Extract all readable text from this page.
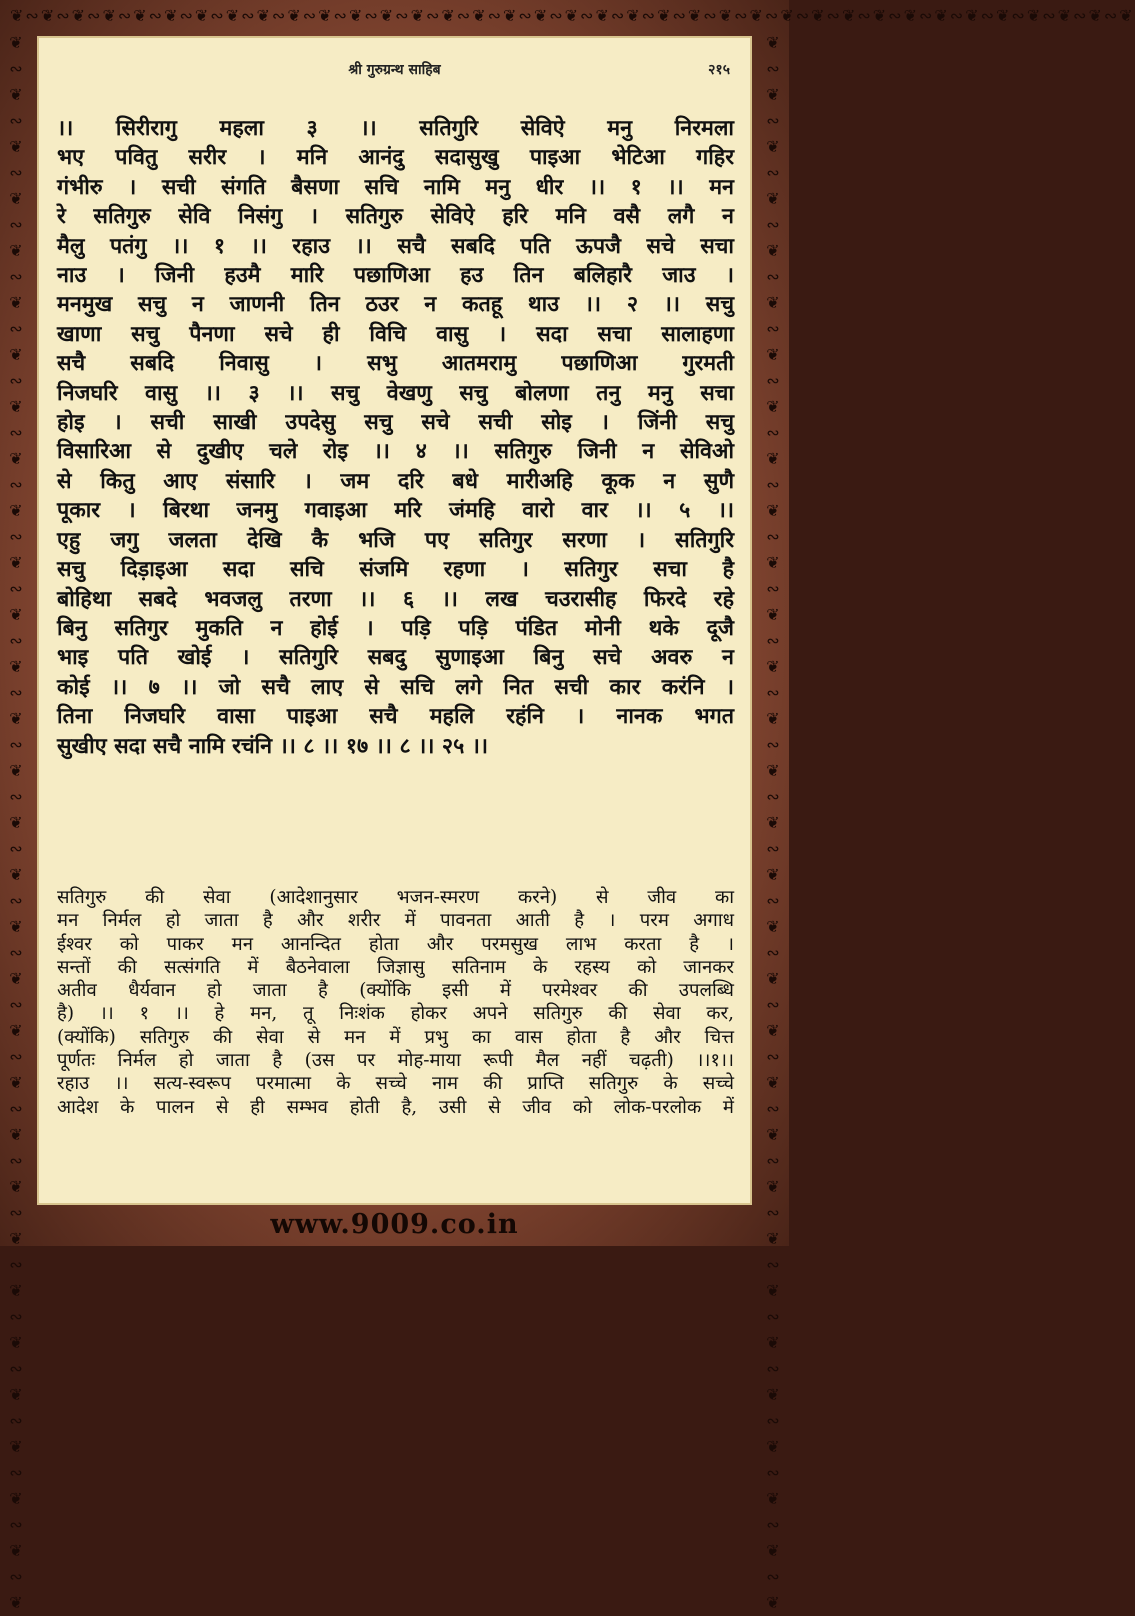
❦∾❦∾❦∾❦∾❦∾❦∾❦∾❦∾❦∾❦∾❦∾❦∾❦∾❦∾❦∾❦∾❦∾❦∾❦∾❦∾❦∾❦∾❦∾❦∾❦∾❦∾❦∾❦∾❦∾❦∾❦∾❦∾❦∾❦∾❦∾❦∾❦
❦
∾
❦
∾
❦
∾
❦
∾
❦
∾
❦
∾
❦
∾
❦
∾
❦
∾
❦
∾
❦
∾
❦
∾
❦
∾
❦
∾
❦
∾
❦
∾
❦
∾
❦
∾
❦
∾
❦
∾
❦
∾
❦
∾
❦
∾
❦
∾
❦
∾
❦
∾
❦
∾
❦
∾
❦
∾
❦
∾
❦
❦
∾
❦
∾
❦
∾
❦
∾
❦
∾
❦
∾
❦
∾
❦
∾
❦
∾
❦
∾
❦
∾
❦
∾
❦
∾
❦
∾
❦
∾
❦
∾
❦
∾
❦
∾
❦
∾
❦
∾
❦
∾
❦
∾
❦
∾
❦
∾
❦
∾
❦
∾
❦
∾
❦
∾
❦
∾
❦
∾
❦
श्री गुरुग्रन्थ साहिब	२१५
।। सिरीरागु महला ३ ।। सतिगुरि सेविऐ मनु निरमला
भए पवितु सरीर । मनि आनंदु सदासुखु पाइआ भेटिआ गहिर
गंभीरु । सची संगति बैसणा सचि नामि मनु धीर ।। १ ।। मन
रे सतिगुरु सेवि निसंगु । सतिगुरु सेविऐ हरि मनि वसै लगै न
मैलु पतंगु ।। १ ।। रहाउ ।। सचै सबदि पति ऊपजै सचे सचा
नाउ । जिनी हउमै मारि पछाणिआ हउ तिन बलिहारै जाउ ।
मनमुख सचु न जाणनी तिन ठउर न कतहू थाउ ।। २ ।। सचु
खाणा सचु पैनणा सचे ही विचि वासु । सदा सचा सालाहणा
सचै सबदि निवासु । सभु आतमरामु पछाणिआ गुरमती
निजघरि वासु ।। ३ ।। सचु वेखणु सचु बोलणा तनु मनु सचा
होइ । सची साखी उपदेसु सचु सचे सची सोइ । जिंनी सचु
विसारिआ से दुखीए चले रोइ ।। ४ ।। सतिगुरु जिनी न सेविओ
से कितु आए संसारि । जम दरि बधे मारीअहि कूक न सुणै
पूकार । बिरथा जनमु गवाइआ मरि जंमहि वारो वार ।। ५ ।।
एहु जगु जलता देखि कै भजि पए सतिगुर सरणा । सतिगुरि
सचु दिड़ाइआ सदा सचि संजमि रहणा । सतिगुर सचा है
बोहिथा सबदे भवजलु तरणा ।। ६ ।। लख चउरासीह फिरदे रहे
बिनु सतिगुर मुकति न होई । पड़ि पड़ि पंडित मोनी थके दूजै
भाइ पति खोई । सतिगुरि सबदु सुणाइआ बिनु सचे अवरु न
कोई ।। ७ ।। जो सचै लाए से सचि लगे नित सची कार करंनि ।
तिना निजघरि वासा पाइआ सचै महलि रहंनि । नानक भगत
सुखीए सदा सचै नामि रचंनि ।। ८ ।। १७ ।। ८ ।। २५ ।।
सतिगुरु की सेवा (आदेशानुसार भजन-स्मरण करने) से जीव का
मन निर्मल हो जाता है और शरीर में पावनता आती है । परम अगाध
ईश्वर को पाकर मन आनन्दित होता और परमसुख लाभ करता है ।
सन्तों की सत्संगति में बैठनेवाला जिज्ञासु सतिनाम के रहस्य को जानकर
अतीव धैर्यवान हो जाता है (क्योंकि इसी में परमेश्वर की उपलब्धि
है) ।। १ ।। हे मन, तू निःशंक होकर अपने सतिगुरु की सेवा कर,
(क्योंकि) सतिगुरु की सेवा से मन में प्रभु का वास होता है और चित्त
पूर्णतः निर्मल हो जाता है (उस पर मोह-माया रूपी मैल नहीं चढ़ती) ।।१।।
रहाउ ।। सत्य-स्वरूप परमात्मा के सच्चे नाम की प्राप्ति सतिगुरु के सच्चे
आदेश के पालन से ही सम्भव होती है, उसी से जीव को लोक-परलोक में
www.9009.co.in
